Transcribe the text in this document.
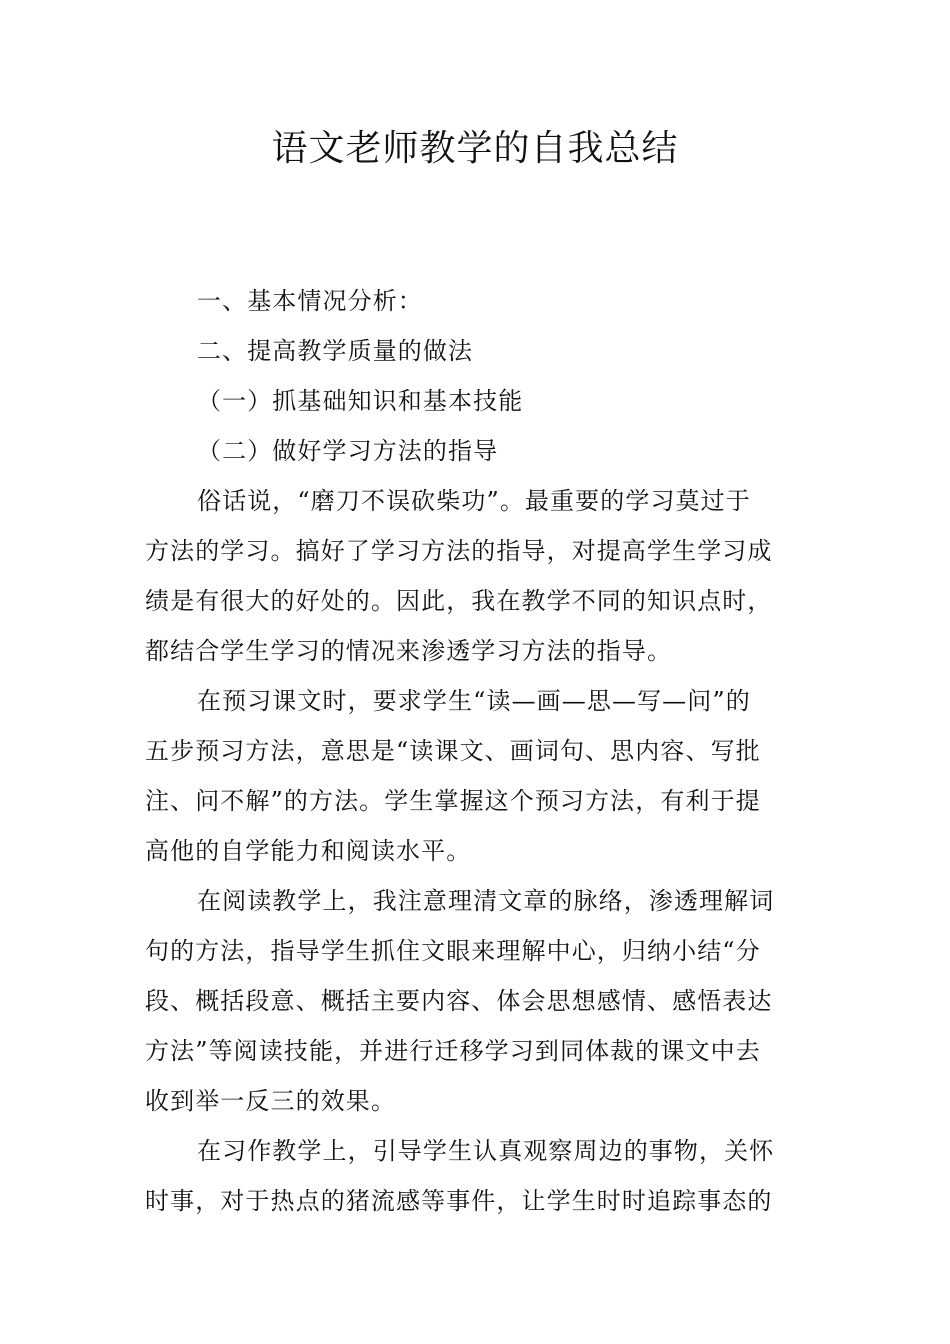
语文老师教学的自我总结
一、基本情况分析：
二、提高教学质量的做法
（一）抓基础知识和基本技能
（二）做好学习方法的指导
俗话说，“磨刀不误砍柴功”。最重要的学习莫过于
方法的学习。搞好了学习方法的指导，对提高学生学习成
绩是有很大的好处的。因此，我在教学不同的知识点时，
都结合学生学习的情况来渗透学习方法的指导。
在预习课文时，要求学生“读—画—思—写—问”的
五步预习方法，意思是“读课文、画词句、思内容、写批
注、问不解”的方法。学生掌握这个预习方法，有利于提
高他的自学能力和阅读水平。
在阅读教学上，我注意理清文章的脉络，渗透理解词
句的方法，指导学生抓住文眼来理解中心，归纳小结“分
段、概括段意、概括主要内容、体会思想感情、感悟表达
方法”等阅读技能，并进行迁移学习到同体裁的课文中去
收到举一反三的效果。
在习作教学上，引导学生认真观察周边的事物，关怀
时事，对于热点的猪流感等事件，让学生时时追踪事态的
